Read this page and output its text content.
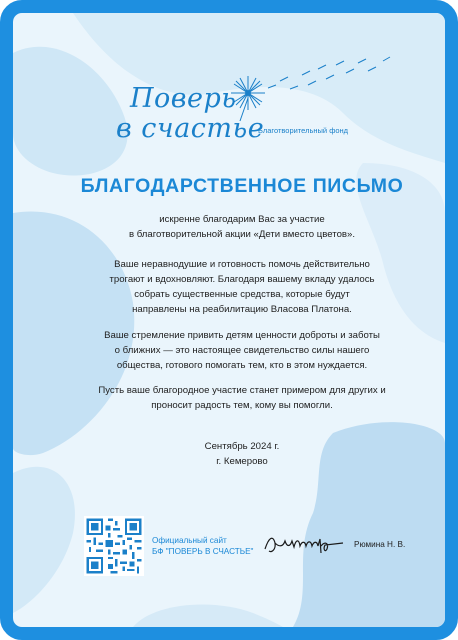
Поверь
в счастье
Благотворительный фонд
БЛАГОДАРСТВЕННОЕ ПИСЬМО
искренне благодарим Вас за участие
в благотворительной акции «Дети вместо цветов».
Ваше неравнодушие и готовность помочь действительно
трогают и вдохновляют. Благодаря вашему вкладу удалось
собрать существенные средства, которые будут
направлены на реабилитацию Власова Платона.
Ваше стремление привить детям ценности доброты и заботы
о ближних — это настоящее свидетельство силы нашего
общества, готового помогать тем, кто в этом нуждается.
Пусть ваше благородное участие станет примером для других и
проносит радость тем, кому вы помогли.
Сентябрь 2024 г.
г. Кемерово
Официальный сайт
БФ "ПОВЕРЬ В СЧАСТЬЕ"
Рюмина Н. В.
